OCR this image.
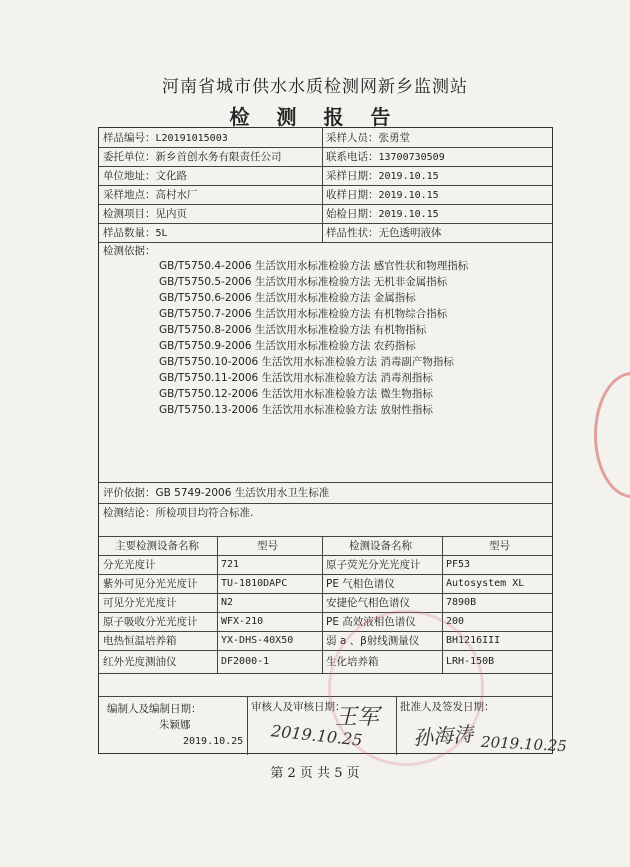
河南省城市供水水质检测网新乡监测站
检 测 报 告
样品编号：L20191015003	采样人员：张勇堂
委托单位：新乡首创水务有限责任公司	联系电话：13700730509
单位地址：文化路	采样日期：2019.10.15
采样地点：高村水厂	收样日期：2019.10.15
检测项目：见内页	始检日期：2019.10.15
样品数量：5L	样品性状：无色透明液体
检测依据：
GB/T5750.4-2006 生活饮用水标准检验方法 感官性状和物理指标
GB/T5750.5-2006 生活饮用水标准检验方法 无机非金属指标
GB/T5750.6-2006 生活饮用水标准检验方法 金属指标
GB/T5750.7-2006 生活饮用水标准检验方法 有机物综合指标
GB/T5750.8-2006 生活饮用水标准检验方法 有机物指标
GB/T5750.9-2006 生活饮用水标准检验方法 农药指标
GB/T5750.10-2006 生活饮用水标准检验方法 消毒副产物指标
GB/T5750.11-2006 生活饮用水标准检验方法 消毒剂指标
GB/T5750.12-2006 生活饮用水标准检验方法 微生物指标
GB/T5750.13-2006 生活饮用水标准检验方法 放射性指标
评价依据：GB 5749-2006 生活饮用水卫生标准
检测结论：所检项目均符合标准.
主要检测设备名称	型号	检测设备名称	型号
分光光度计	721	原子荧光分光光度计	PF53
紫外可见分光光度计 TU-1810DAPC	PE 气相色谱仪	Autosystem XL
可见分光光度计	N2	安捷伦气相色谱仪	7890B
原子吸收分光光度计 WFX-210	PE 高效液相色谱仪	200
电热恒温培养箱	YX-DHS-40X50	弱 a 、β射线测量仪	BH1216III
红外光度测油仪	DF2000-1	生化培养箱	LRH-150B
编制人及编制日期：
朱颖娜
2019.10.25
审核人及审核日期：
王军
2019.10.25
批准人及签发日期：
孙海涛 2019.10.25
第 2 页 共 5 页
